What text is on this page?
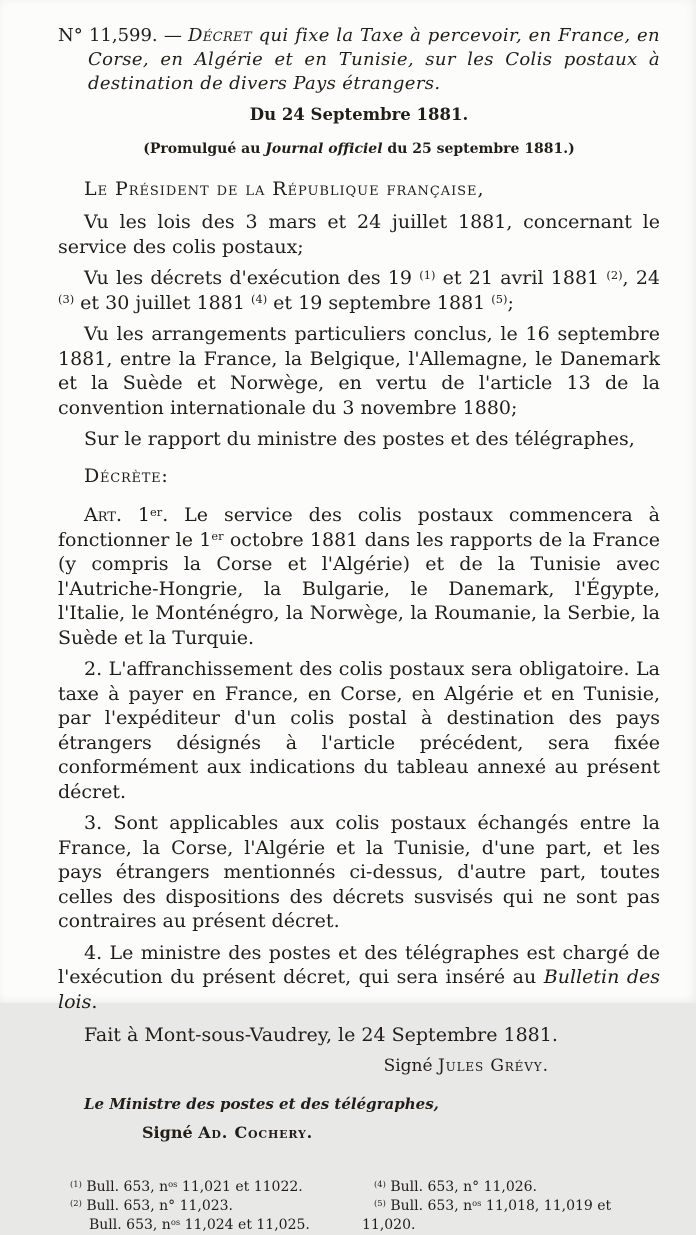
N° 11,599. — Décret qui fixe la Taxe à percevoir, en France, en Corse, en Algérie et en Tunisie, sur les Colis postaux à destination de divers Pays étrangers.

Du 24 Septembre 1881.

(Promulgué au Journal officiel du 25 septembre 1881.)

Le Président de la République française,

Vu les lois des 3 mars et 24 juillet 1881, concernant le service des colis postaux;

Vu les décrets d'exécution des 19 $^{(1)}$ et 21 avril 1881 $^{(2)}$, 24 $^{(3)}$ et 30 juillet 1881 $^{(4)}$ et 19 septembre 1881 $^{(5)}$;

Vu les arrangements particuliers conclus, le 16 septembre 1881, entre la France, la Belgique, l'Allemagne, le Danemark et la Suède et Norwège, en vertu de l'article 13 de la convention internationale du 3 novembre 1880;

Sur le rapport du ministre des postes et des télégraphes,

Décrète:

Art. 1er. Le service des colis postaux commencera à fonctionner le 1er octobre 1881 dans les rapports de la France (y compris la Corse et l'Algérie) et de la Tunisie avec l'Autriche-Hongrie, la Bulgarie, le Danemark, l'Égypte, l'Italie, le Monténégro, la Norwège, la Roumanie, la Serbie, la Suède et la Turquie.

2. L'affranchissement des colis postaux sera obligatoire. La taxe à payer en France, en Corse, en Algérie et en Tunisie, par l'expéditeur d'un colis postal à destination des pays étrangers désignés à l'article précédent, sera fixée conformément aux indications du tableau annexé au présent décret.

3. Sont applicables aux colis postaux échangés entre la France, la Corse, l'Algérie et la Tunisie, d'une part, et les pays étrangers mentionnés ci-dessus, d'autre part, toutes celles des dispositions des décrets susvisés qui ne sont pas contraires au présent décret.

4. Le ministre des postes et des télégraphes est chargé de l'exécution du présent décret, qui sera inséré au Bulletin des lois.

Fait à Mont-sous-Vaudrey, le 24 Septembre 1881.

Signé Jules Grévy.

Le Ministre des postes et des télégraphes,

Signé Ad. Cochery.

$^{(1)}$ Bull. 653, $n^{os}$ 11,021 et 11022.

$^{(2)}$ Bull. 653, n° 11,023.

Bull. 653, $n^{os}$ 11,024 et 11,025.

$^{(4)}$ Bull. 653, n° 11,026.

$^{(5)}$ Bull. 653, $n^{os}$ 11,018, 11,019 et 11,020.
